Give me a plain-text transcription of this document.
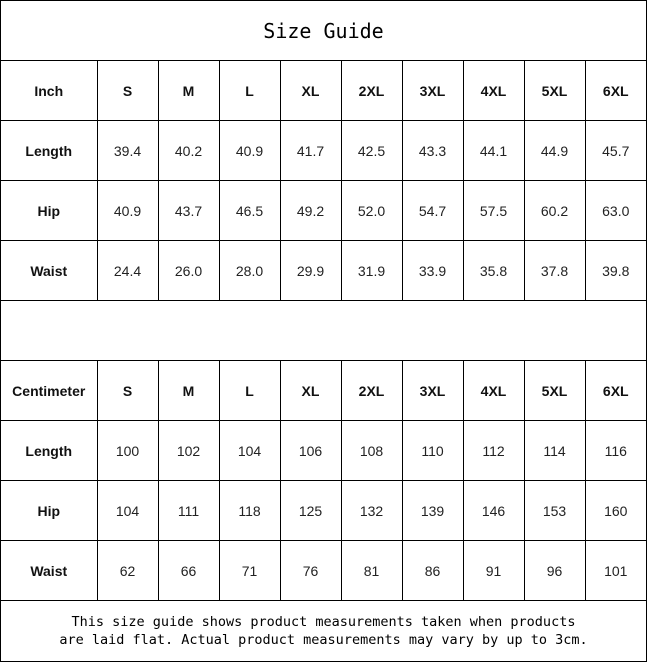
Size Guide
Inch	S	M	L	XL	2XL	3XL	4XL	5XL	6XL
Length	39.4	40.2	40.9	41.7	42.5	43.3	44.1	44.9	45.7
Hip	40.9	43.7	46.5	49.2	52.0	54.7	57.5	60.2	63.0
Waist	24.4	26.0	28.0	29.9	31.9	33.9	35.8	37.8	39.8
Centimeter	S	M	L	XL	2XL	3XL	4XL	5XL	6XL
Length	100	102	104	106	108	110	112	114	116
Hip	104	111	118	125	132	139	146	153	160
Waist	62	66	71	76	81	86	91	96	101
This size guide shows product measurements taken when products
are laid flat. Actual product measurements may vary by up to 3cm.
